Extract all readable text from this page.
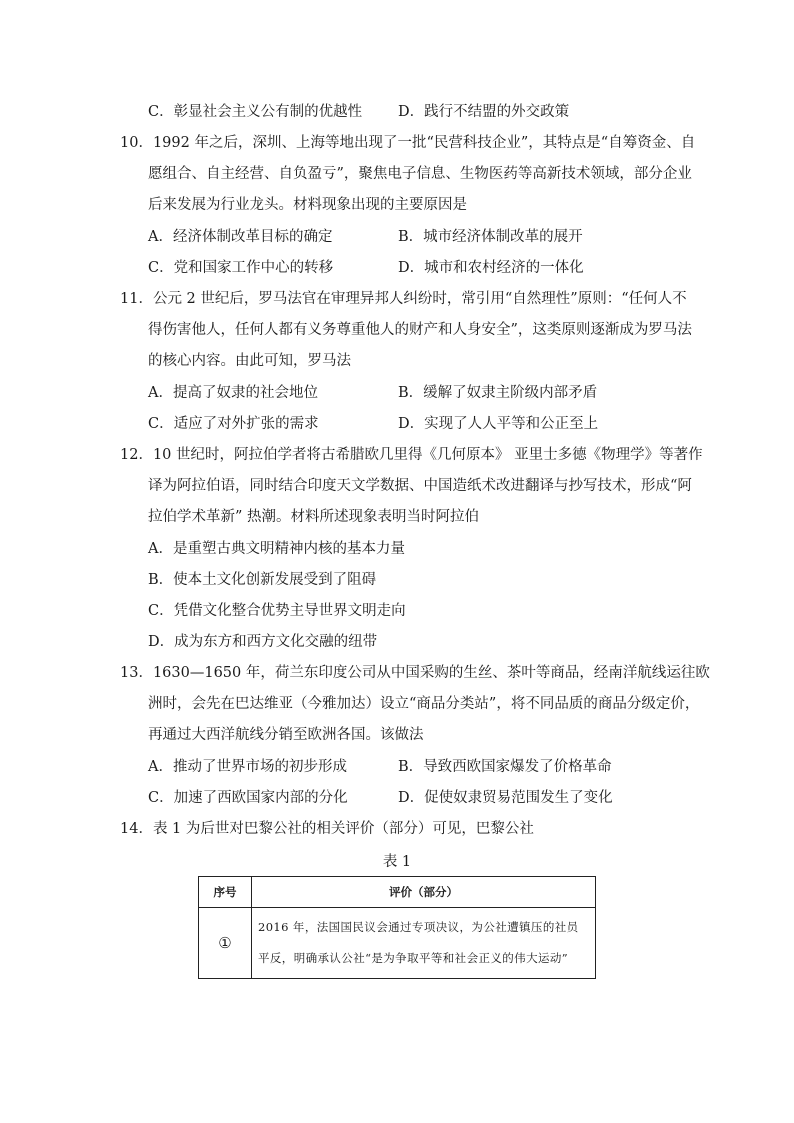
C．彰显社会主义公有制的优越性 D．践行不结盟的外交政策
10．1992 年之后，深圳、上海等地出现了一批“民营科技企业”，其特点是“自筹资金、自
愿组合、自主经营、自负盈亏”，聚焦电子信息、生物医药等高新技术领域，部分企业
后来发展为行业龙头。材料现象出现的主要原因是
A．经济体制改革目标的确定	B．城市经济体制改革的展开
C．党和国家工作中心的转移	D．城市和农村经济的一体化
11．公元 2 世纪后，罗马法官在审理异邦人纠纷时，常引用“自然理性”原则：“任何人不
得伤害他人，任何人都有义务尊重他人的财产和人身安全”，这类原则逐渐成为罗马法
的核心内容。由此可知，罗马法
A．提高了奴隶的社会地位	B．缓解了奴隶主阶级内部矛盾
C．适应了对外扩张的需求	D．实现了人人平等和公正至上
12．10 世纪时，阿拉伯学者将古希腊欧几里得《几何原本》 亚里士多德《物理学》等著作
译为阿拉伯语，同时结合印度天文学数据、中国造纸术改进翻译与抄写技术，形成“阿
拉伯学术革新” 热潮。材料所述现象表明当时阿拉伯
A．是重塑古典文明精神内核的基本力量
B．使本土文化创新发展受到了阻碍
C．凭借文化整合优势主导世界文明走向
D．成为东方和西方文化交融的纽带
13．1630—1650 年，荷兰东印度公司从中国采购的生丝、茶叶等商品，经南洋航线运往欧
洲时，会先在巴达维亚（今雅加达）设立“商品分类站”，将不同品质的商品分级定价，
再通过大西洋航线分销至欧洲各国。该做法
A．推动了世界市场的初步形成	B．导致西欧国家爆发了价格革命
C．加速了西欧国家内部的分化	D．促使奴隶贸易范围发生了变化
14．表 1 为后世对巴黎公社的相关评价（部分）可见，巴黎公社
表 1
序号	评价（部分）
①	2016 年，法国国民议会通过专项决议，为公社遭镇压的社员平反，明确承认公社“是为争取平等和社会正义的伟大运动”
